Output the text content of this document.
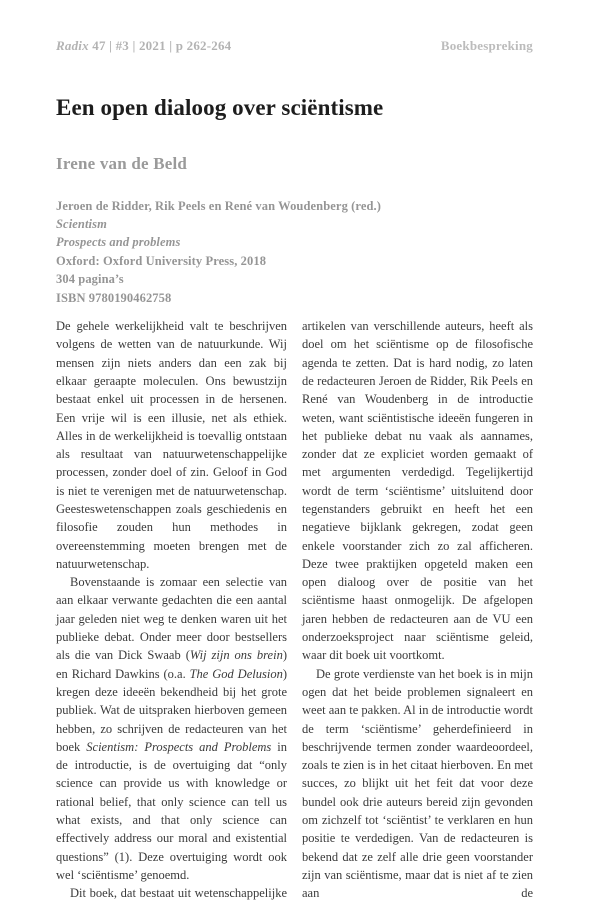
Radix 47 | #3 | 2021 | p 262-264	Boekbespreking
Een open dialoog over sciëntisme
Irene van de Beld
Jeroen de Ridder, Rik Peels en René van Woudenberg (red.)
Scientism
Prospects and problems
Oxford: Oxford University Press, 2018
304 pagina’s
ISBN 9780190462758

De gehele werkelijkheid valt te beschrijven volgens de wetten van de natuurkunde. Wij mensen zijn niets anders dan een zak bij elkaar geraapte moleculen. Ons bewustzijn bestaat enkel uit processen in de hersenen. Een vrije wil is een illusie, net als ethiek. Alles in de werkelijkheid is toevallig ontstaan als resultaat van natuurwetenschappelijke processen, zonder doel of zin. Geloof in God is niet te verenigen met de natuurwetenschap. Geesteswetenschappen zoals geschiedenis en filosofie zouden hun methodes in overeenstemming moeten brengen met de natuurwetenschap.

Bovenstaande is zomaar een selectie van aan elkaar verwante gedachten die een aantal jaar geleden niet weg te denken waren uit het publieke debat. Onder meer door bestsellers als die van Dick Swaab (Wij zijn ons brein) en Richard Dawkins (o.a. The God Delusion) kregen deze ideeën bekendheid bij het grote publiek. Wat de uitspraken hierboven gemeen hebben, zo schrijven de redacteuren van het boek Scientism: Prospects and Problems in de introductie, is de overtuiging dat “only science can provide us with knowledge or rational belief, that only science can tell us what exists, and that only science can effectively address our moral and existential questions” (1). Deze overtuiging wordt ook wel ‘sciëntisme’ genoemd.

Dit boek, dat bestaat uit wetenschappelijke

artikelen van verschillende auteurs, heeft als doel om het sciëntisme op de filosofische agenda te zetten. Dat is hard nodig, zo laten de redacteuren Jeroen de Ridder, Rik Peels en René van Woudenberg in de introductie weten, want sciëntistische ideeën fungeren in het publieke debat nu vaak als aannames, zonder dat ze expliciet worden gemaakt of met argumenten verdedigd. Tegelijkertijd wordt de term ‘sciëntisme’ uitsluitend door tegenstanders gebruikt en heeft het een negatieve bijklank gekregen, zodat geen enkele voorstander zich zo zal afficheren. Deze twee praktijken opgeteld maken een open dialoog over de positie van het sciëntisme haast onmogelijk. De afgelopen jaren hebben de redacteuren aan de VU een onderzoeksproject naar sciëntisme geleid, waar dit boek uit voortkomt.

De grote verdienste van het boek is in mijn ogen dat het beide problemen signaleert en weet aan te pakken. Al in de introductie wordt de term ‘sciëntisme’ geherdefinieerd in beschrijvende termen zonder waardeoordeel, zoals te zien is in het citaat hierboven. En met succes, zo blijkt uit het feit dat voor deze bundel ook drie auteurs bereid zijn gevonden om zichzelf tot ‘sciëntist’ te verklaren en hun positie te verdedigen. Van de redacteuren is bekend dat ze zelf alle drie geen voorstander zijn van sciëntisme, maar dat is niet af te zien aan de
